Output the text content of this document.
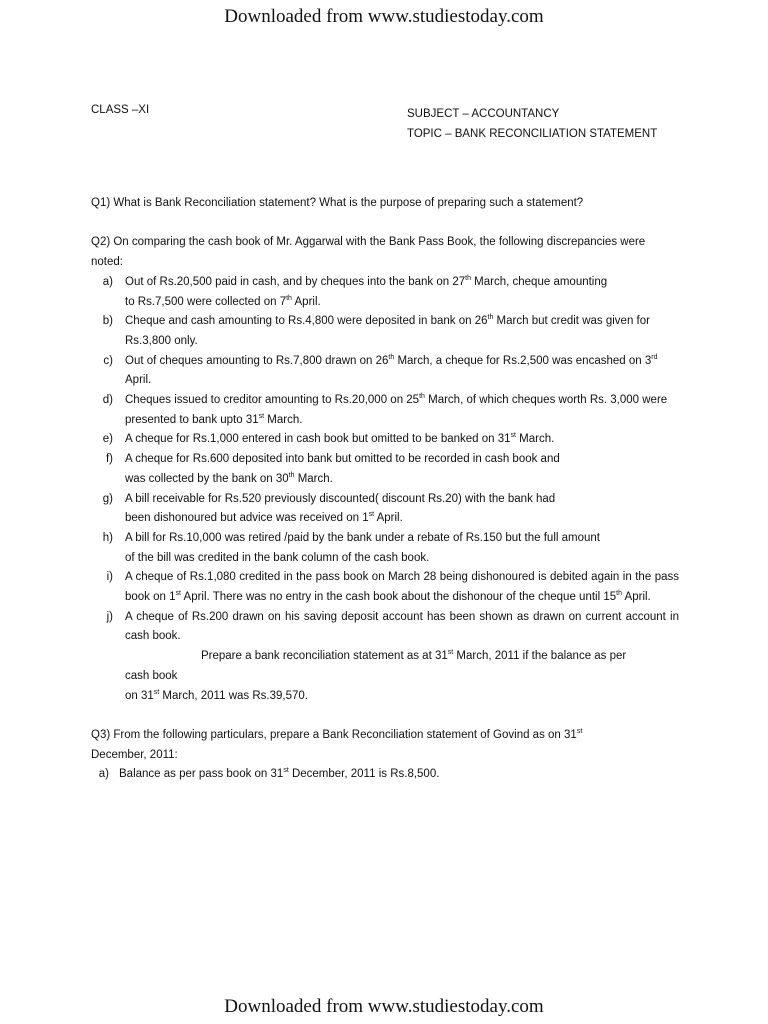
Downloaded from www.studiestoday.com
CLASS –XI	SUBJECT – ACCOUNTANCY
TOPIC – BANK RECONCILIATION STATEMENT

Q1) What is Bank Reconciliation statement? What is the purpose of preparing such a statement?

Q2) On comparing the cash book of Mr. Aggarwal with the Bank Pass Book, the following discrepancies were noted:

a)	Out of Rs.20,500 paid in cash, and by cheques into the bank on 27th March, cheque amounting
to Rs.7,500 were collected on 7th April.
b)	Cheque and cash amounting to Rs.4,800 were deposited in bank on 26th March but credit was given for Rs.3,800 only.
c)	Out of cheques amounting to Rs.7,800 drawn on 26th March, a cheque for Rs.2,500 was encashed on 3rd April.
d)	Cheques issued to creditor amounting to Rs.20,000 on 25th March, of which cheques worth Rs. 3,000 were presented to bank upto 31st March.
e)	A cheque for Rs.1,000 entered in cash book but omitted to be banked on 31st March.
f)	A cheque for Rs.600 deposited into bank but omitted to be recorded in cash book and
was collected by the bank on 30th March.
g)	A bill receivable for Rs.520 previously discounted( discount Rs.20) with the bank had
been dishonoured but advice was received on 1st April.
h)	A bill for Rs.10,000 was retired /paid by the bank under a rebate of Rs.150 but the full amount
of the bill was credited in the bank column of the cash book.
i)	A cheque of Rs.1,080 credited in the pass book on March 28 being dishonoured is debited again in the pass book on 1st April. There was no entry in the cash book about the dishonour of the cheque until 15th April.
j)	A cheque of Rs.200 drawn on his saving deposit account has been shown as drawn on current account in cash book.
Prepare a bank reconciliation statement as at 31st March, 2011 if the balance as per
cash book
on 31st March, 2011 was Rs.39,570.

Q3) From the following particulars, prepare a Bank Reconciliation statement of Govind as on 31st
December, 2011:

a) Balance as per pass book on 31st December, 2011 is Rs.8,500.
Downloaded from www.studiestoday.com
